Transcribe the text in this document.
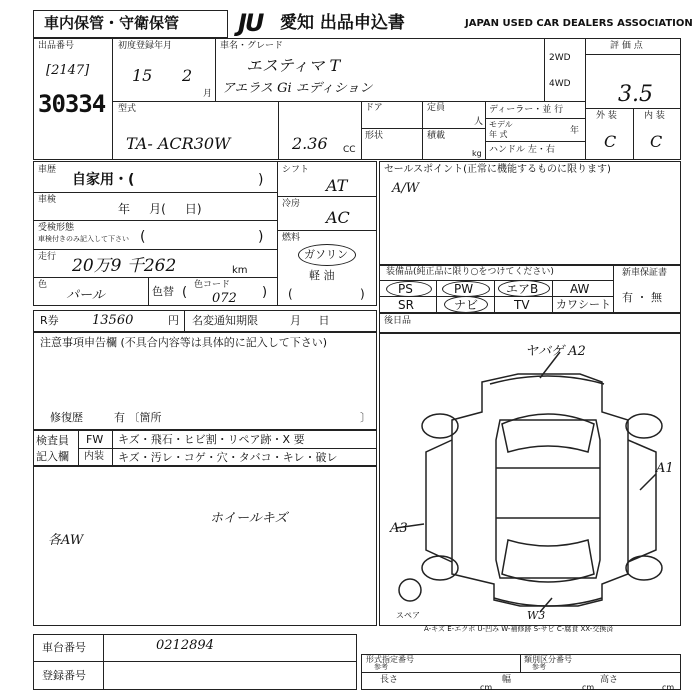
車内保管・守衛保管 JU 愛知 出品申込書	JAPAN USED CAR DEALERS ASSOCIATION
出品番号
[2147]
30334
初度登録年月
15 2
月
車名・グレード
エスティマ T
アエラス Gi エディション
2WD
4WD
評 価 点
3.5
外 装	内 装
C C
型式
TA- ACR30W	2.36 CC
ドア
形状
定員
人
積載
kg
ディーラー・並 行
モデル
年 式	年
ハンドル 左・右
車歴
自家用・(	)
車検
年     月(     日)
受検形態
車検付きのみ記入して下さい (	)
走行 20万9 千262	km
色
パール	色替 ( 色コード
072 )
シフト
AT
冷房
AC
燃料
ガソリン
軽 油
(	)
セールスポイント(正常に機能するものに限ります)
A/W
装備品(純正品に限り○をつけてください)
PS	PW	エアB	AW
SR	ナビ	TV カワシート
新車保証書
有 ・ 無
R券	13560	円 名変通知期限	月     日	後日品
注意事項申告欄 (不具合内容等は具体的に記入して下さい)
修復歴	有 〔箇所	〕
検査員
記入欄
FW キズ・飛石・ヒビ割・リペア跡・X 要
内装 キズ・汚レ・コゲ・穴・タバコ・キレ・破レ
ホイールキズ
各AW
ヤバゲ A2
A1
A3
W3
スペア
A-キズ E-エクボ U-凹み W-補修跡 S-サビ C-腐食 XX-交換済
車台番号	0212894
登録番号
形式指定番号
参考
類別区分番号
参考
長さ
cm
幅
cm
高さ
cm
